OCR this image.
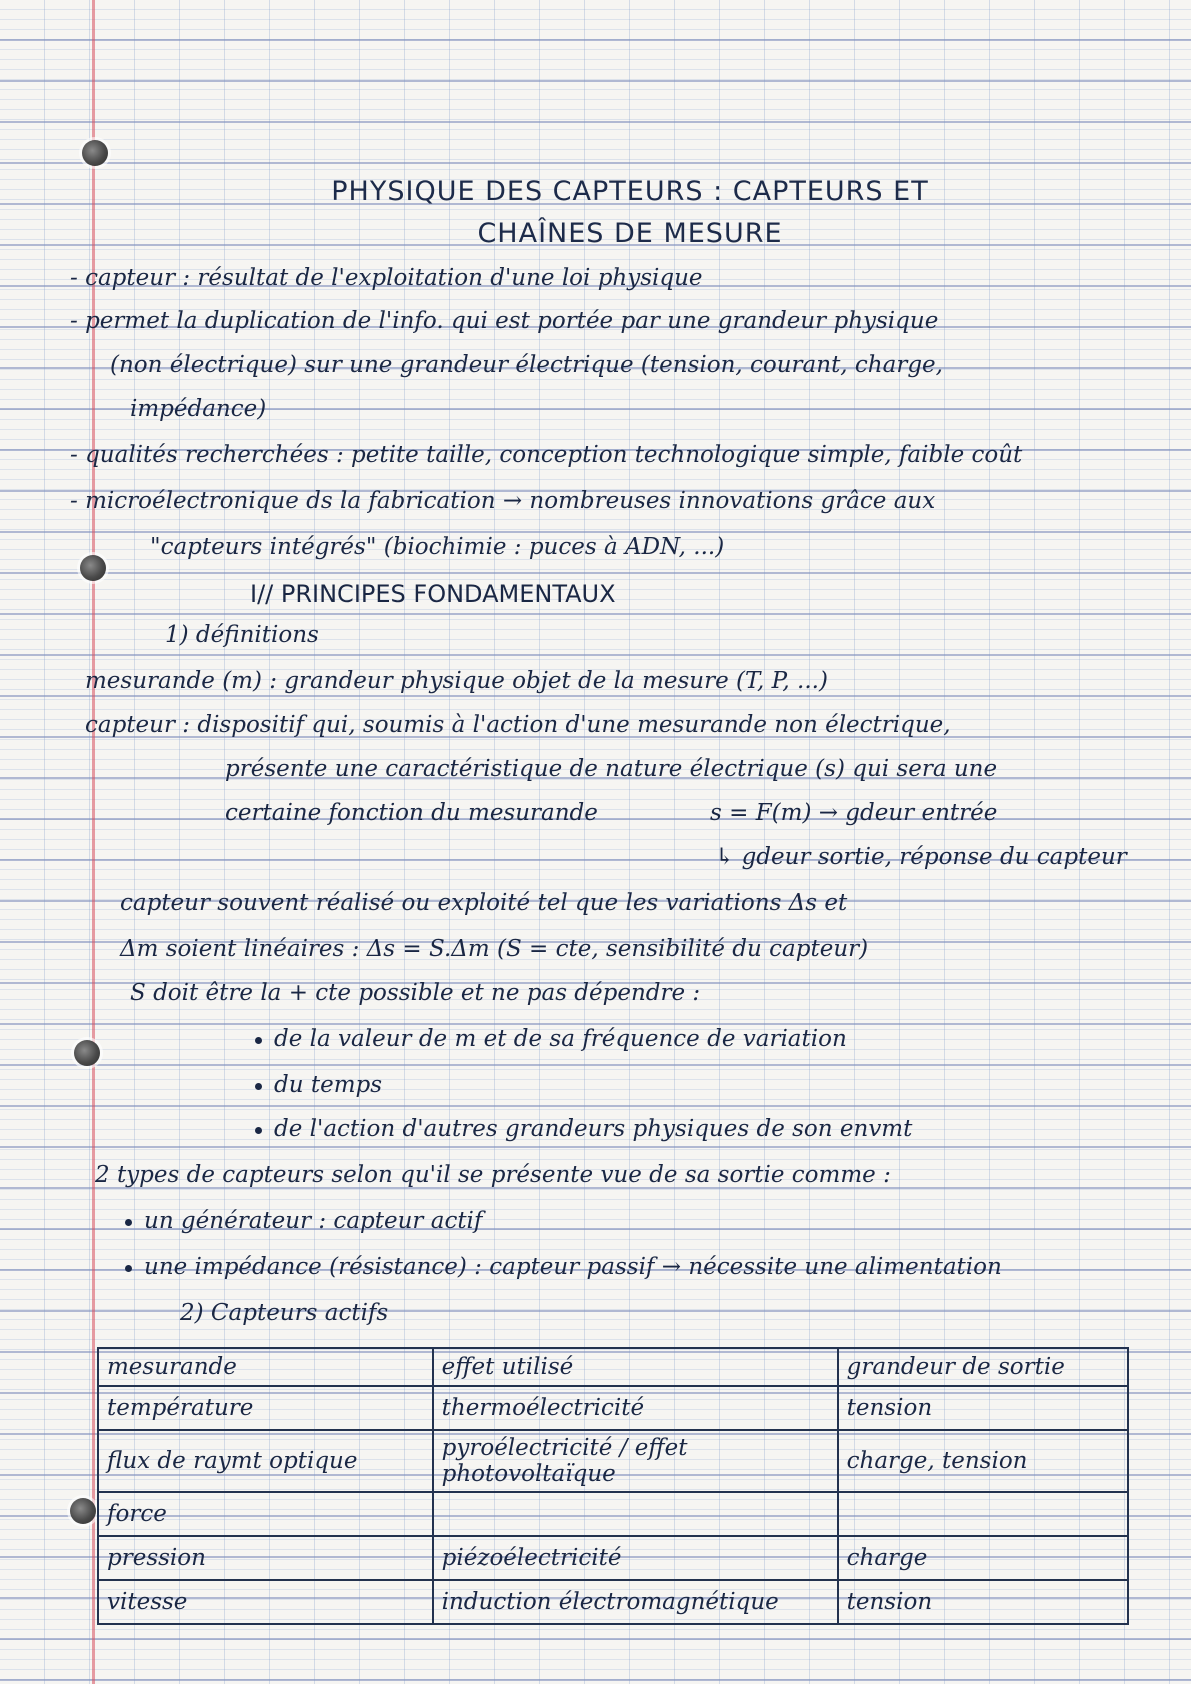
PHYSIQUE DES CAPTEURS : CAPTEURS ET
CHAÎNES DE MESURE
- capteur : résultat de l'exploitation d'une loi physique
- permet la duplication de l'info. qui est portée par une grandeur physique
(non électrique) sur une grandeur électrique (tension, courant, charge,
impédance)
- qualités recherchées : petite taille, conception technologique simple, faible coût
- microélectronique ds la fabrication → nombreuses innovations grâce aux
"capteurs intégrés" (biochimie : puces à ADN, ...)
I// PRINCIPES FONDAMENTAUX
1) définitions
mesurande (m) : grandeur physique objet de la mesure (T, P, ...)
capteur : dispositif qui, soumis à l'action d'une mesurande non électrique,
présente une caractéristique de nature électrique (s) qui sera une
certaine fonction du mesurande	s = F(m) → gdeur entrée
↳ gdeur sortie, réponse du capteur
capteur souvent réalisé ou exploité tel que les variations Δs et
Δm soient linéaires : Δs = S.Δm (S = cte, sensibilité du capteur)
S doit être la + cte possible et ne pas dépendre :
de la valeur de m et de sa fréquence de variation
du temps
de l'action d'autres grandeurs physiques de son envmt
2 types de capteurs selon qu'il se présente vue de sa sortie comme :
un générateur : capteur actif
une impédance (résistance) : capteur passif → nécessite une alimentation
2) Capteurs actifs
mesurande	effet utilisé	grandeur de sortie
température	thermoélectricité	tension
flux de raymt optique	pyroélectricité / effet photovoltaïque	charge, tension
force		
pression	piézoélectricité	charge
vitesse	induction électromagnétique	tension
